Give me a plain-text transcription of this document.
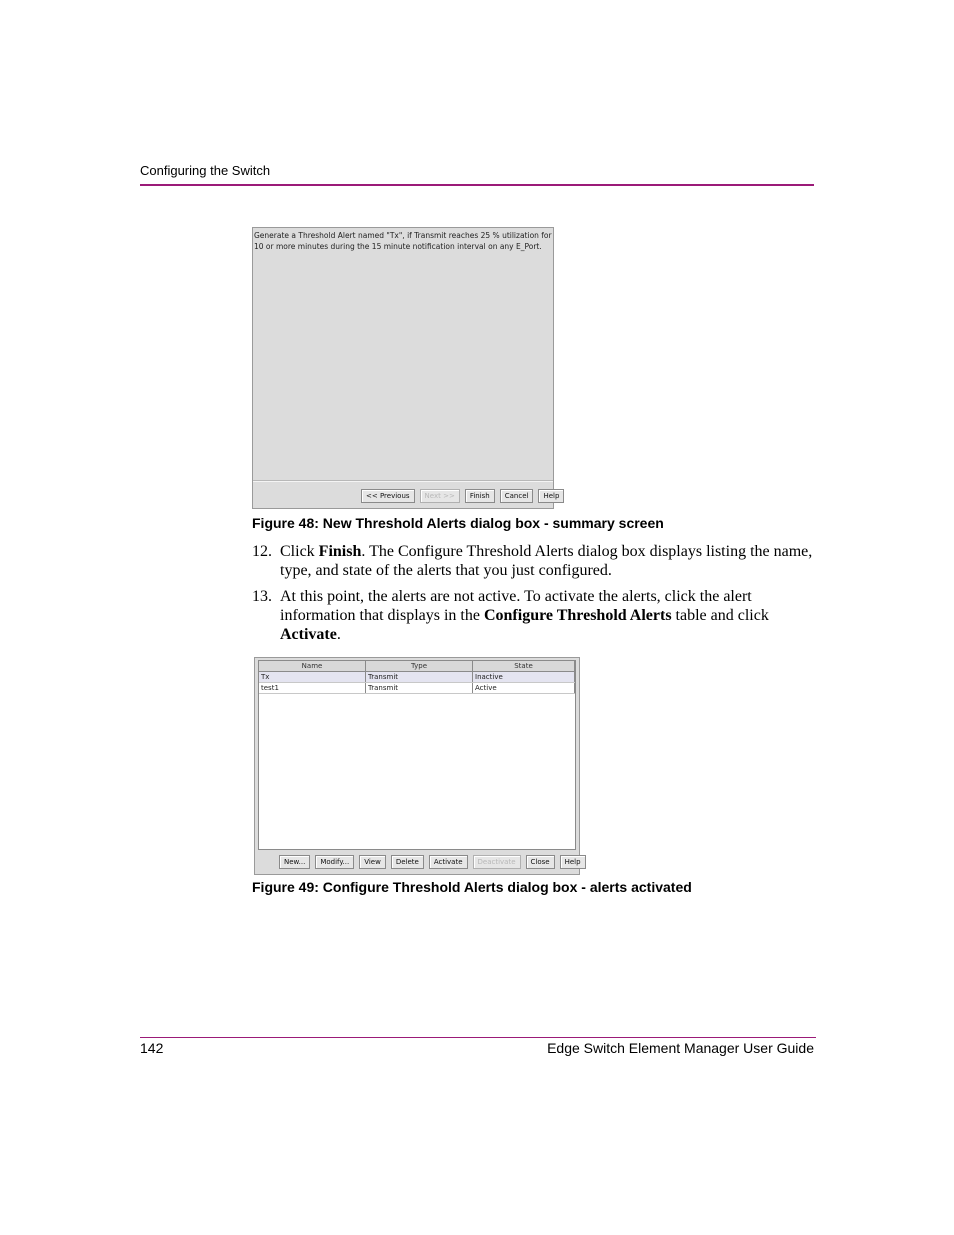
Configuring the Switch
Generate a Threshold Alert named "Tx", if Transmit reaches 25 % utilization for 10 or more minutes during the 15 minute notification interval on any E_Port.
<< Previous	Next >>	Finish	Cancel	Help
Figure 48: New Threshold Alerts dialog box - summary screen
12. Click Finish. The Configure Threshold Alerts dialog box displays listing the name, type, and state of the alerts that you just configured.
13. At this point, the alerts are not active. To activate the alerts, click the alert information that displays in the Configure Threshold Alerts table and click Activate.
Name	Type	State
Tx	Transmit	Inactive
test1	Transmit	Active
New...	Modify...	View	Delete	Activate	Deactivate	Close	Help
Figure 49: Configure Threshold Alerts dialog box - alerts activated
142	Edge Switch Element Manager User Guide
